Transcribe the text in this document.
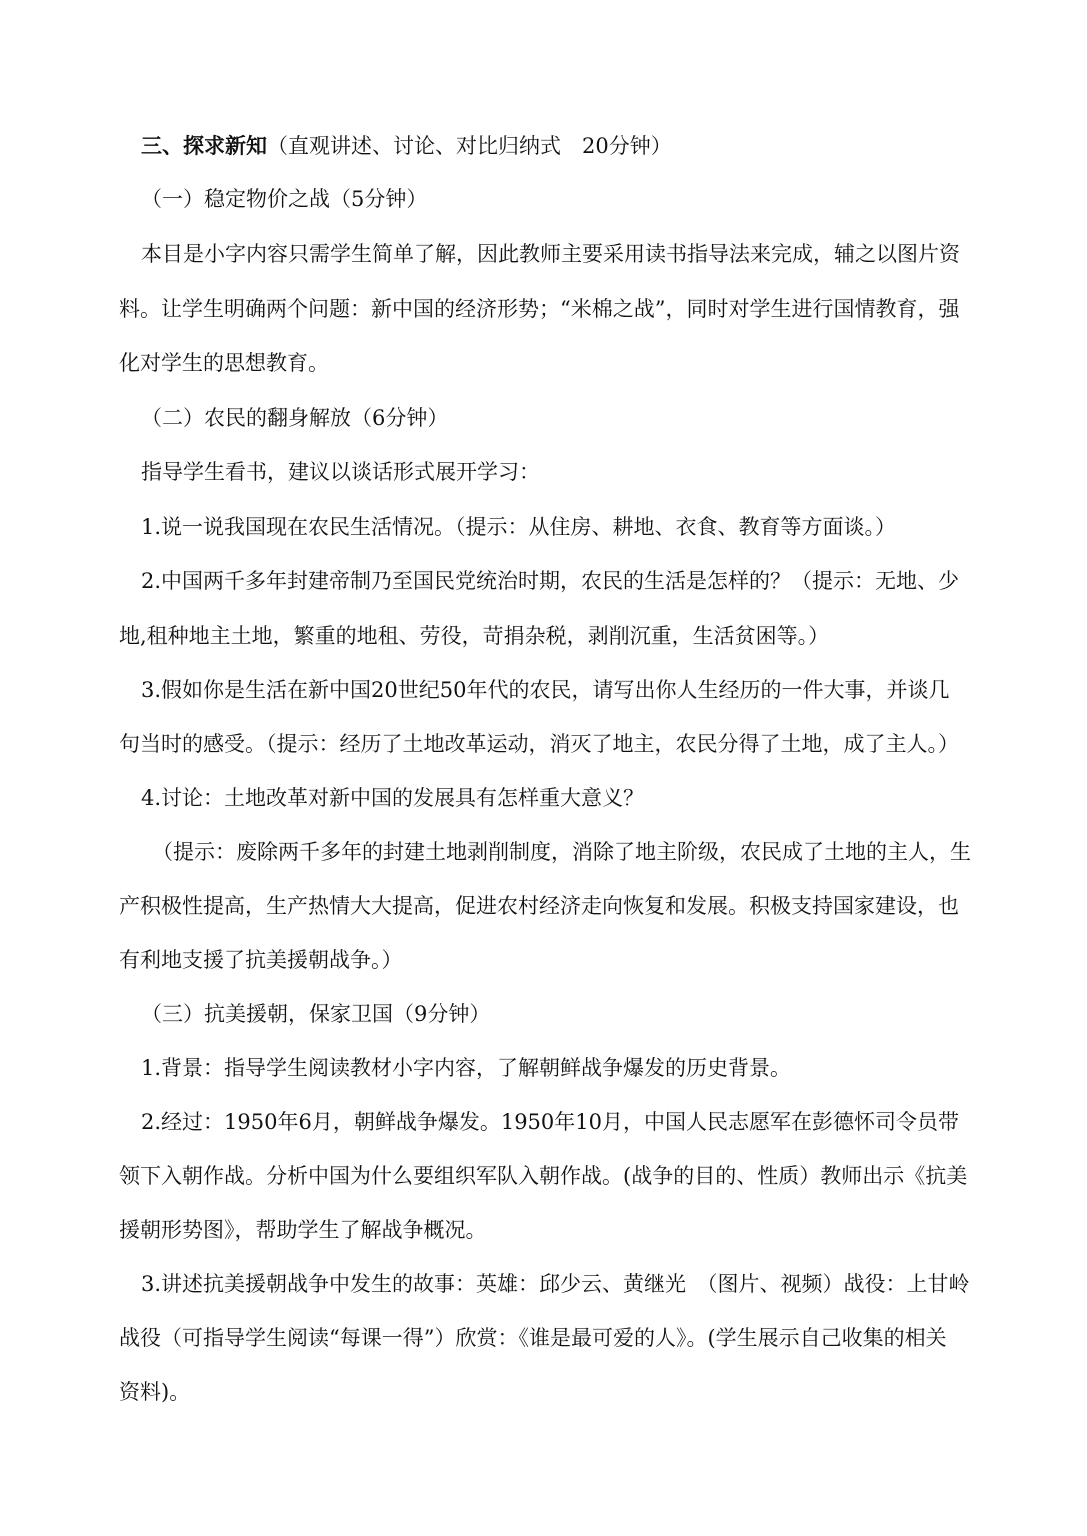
三、探求新知（直观讲述、讨论、对比归纳式　20分钟）
（一）稳定物价之战（5分钟）
本目是小字内容只需学生简单了解，因此教师主要采用读书指导法来完成，辅之以图片资
料。让学生明确两个问题：新中国的经济形势；“米棉之战”，同时对学生进行国情教育，强
化对学生的思想教育。
（二）农民的翻身解放（6分钟）
指导学生看书，建议以谈话形式展开学习：
1.说一说我国现在农民生活情况。（提示：从住房、耕地、衣食、教育等方面谈。）
2.中国两千多年封建帝制乃至国民党统治时期，农民的生活是怎样的？（提示：无地、少
地,租种地主土地，繁重的地租、劳役，苛捐杂税，剥削沉重，生活贫困等。）
3.假如你是生活在新中国20世纪50年代的农民，请写出你人生经历的一件大事，并谈几
句当时的感受。（提示：经历了土地改革运动，消灭了地主，农民分得了土地，成了主人。）
4.讨论：土地改革对新中国的发展具有怎样重大意义？
（提示：废除两千多年的封建土地剥削制度，消除了地主阶级，农民成了土地的主人，生
产积极性提高，生产热情大大提高，促进农村经济走向恢复和发展。积极支持国家建设，也
有利地支援了抗美援朝战争。）
（三）抗美援朝，保家卫国（9分钟）
1.背景：指导学生阅读教材小字内容，了解朝鲜战争爆发的历史背景。
2.经过：1950年6月，朝鲜战争爆发。1950年10月，中国人民志愿军在彭德怀司令员带
领下入朝作战。分析中国为什么要组织军队入朝作战。(战争的目的、性质）教师出示《抗美
援朝形势图》，帮助学生了解战争概况。
3.讲述抗美援朝战争中发生的故事：英雄：邱少云、黄继光　（图片、视频）战役：上甘岭
战役（可指导学生阅读“每课一得”）欣赏：《谁是最可爱的人》。(学生展示自己收集的相关
资料)。
